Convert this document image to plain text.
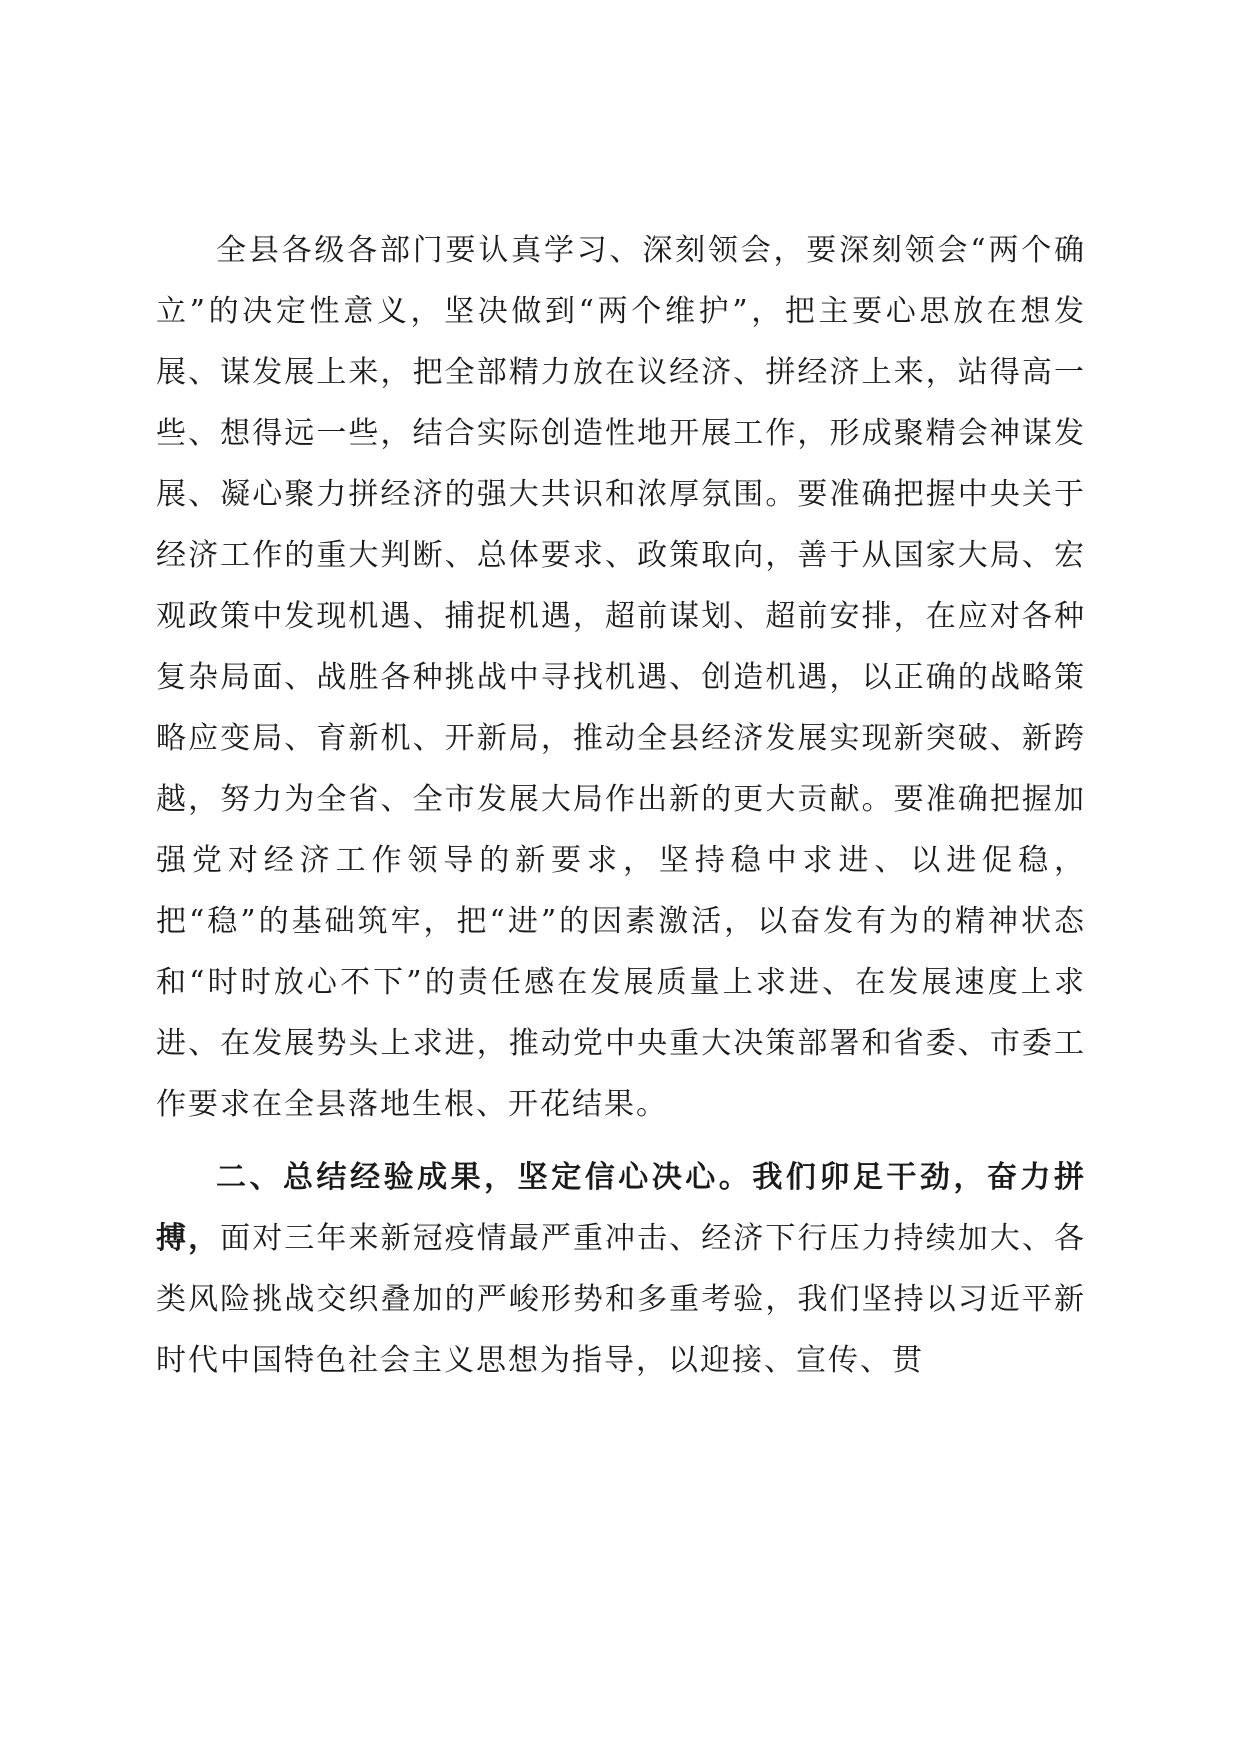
全县各级各部门要认真学习、深刻领会，要深刻领会“两个确立”的决定性意义，坚决做到“两个维护”，把主要心思放在想发展、谋发展上来，把全部精力放在议经济、拼经济上来，站得高一些、想得远一些，结合实际创造性地开展工作，形成聚精会神谋发展、凝心聚力拼经济的强大共识和浓厚氛围。要准确把握中央关于经济工作的重大判断、总体要求、政策取向，善于从国家大局、宏观政策中发现机遇、捕捉机遇，超前谋划、超前安排，在应对各种复杂局面、战胜各种挑战中寻找机遇、创造机遇，以正确的战略策略应变局、育新机、开新局，推动全县经济发展实现新突破、新跨越，努力为全省、全市发展大局作出新的更大贡献。要准确把握加强党对经济工作领导的新要求，坚持稳中求进、以进促稳，把“稳”的基础筑牢，把“进”的因素激活，以奋发有为的精神状态和“时时放心不下”的责任感在发展质量上求进、在发展速度上求进、在发展势头上求进，推动党中央重大决策部署和省委、市委工作要求在全县落地生根、开花结果。

二、总结经验成果，坚定信心决心。我们卯足干劲，奋力拼搏，面对三年来新冠疫情最严重冲击、经济下行压力持续加大、各类风险挑战交织叠加的严峻形势和多重考验，我们坚持以习近平新时代中国特色社会主义思想为指导，以迎接、宣传、贯
